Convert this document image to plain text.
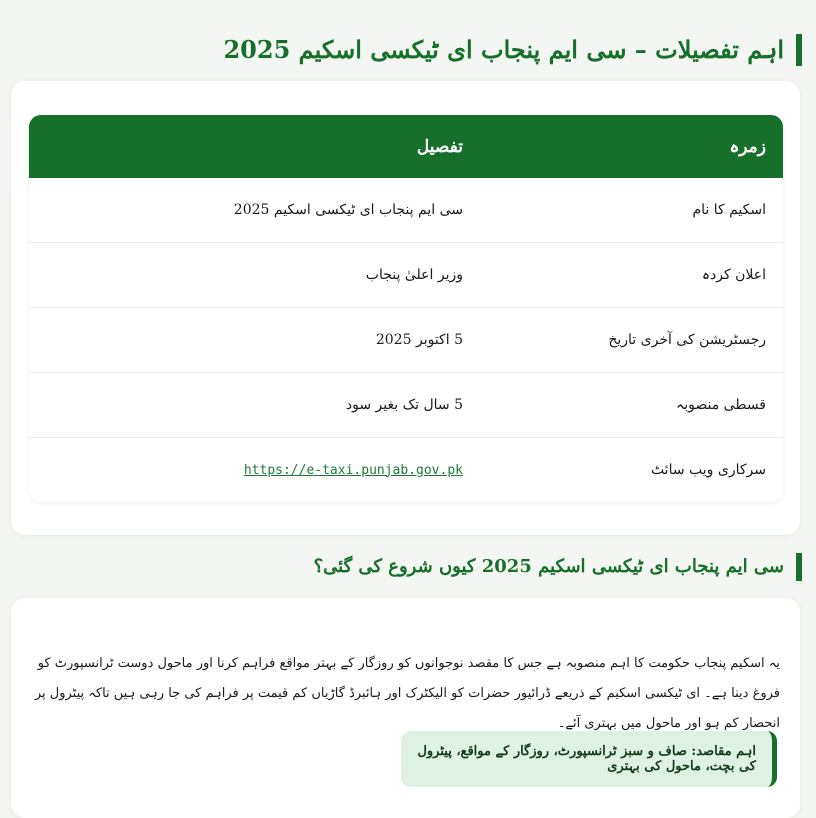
اہم تفصیلات – سی ایم پنجاب ای ٹیکسی اسکیم 2025
زمرہ
تفصیل
اسکیم کا نام
سی ایم پنجاب ای ٹیکسی اسکیم 2025
اعلان کردہ
وزیر اعلیٰ پنجاب
رجسٹریشن کی آخری تاریخ
5 اکتوبر 2025
قسطی منصوبہ
5 سال تک بغیر سود
سرکاری ویب سائٹ
https://e-taxi.punjab.gov.pk
سی ایم پنجاب ای ٹیکسی اسکیم 2025 کیوں شروع کی گئی؟

یہ اسکیم پنجاب حکومت کا اہم منصوبہ ہے جس کا مقصد نوجوانوں کو روزگار کے بہتر مواقع فراہم کرنا اور ماحول دوست ٹرانسپورٹ کو فروغ دینا ہے۔ ای ٹیکسی اسکیم کے ذریعے ڈرائیور حضرات کو الیکٹرک اور ہائبرڈ گاڑیاں کم قیمت پر فراہم کی جا رہی ہیں تاکہ پیٹرول پر انحصار کم ہو اور ماحول میں بہتری آئے۔

اہم مقاصد: صاف و سبز ٹرانسپورٹ، روزگار کے مواقع، پیٹرول کی بچت، ماحول کی بہتری
